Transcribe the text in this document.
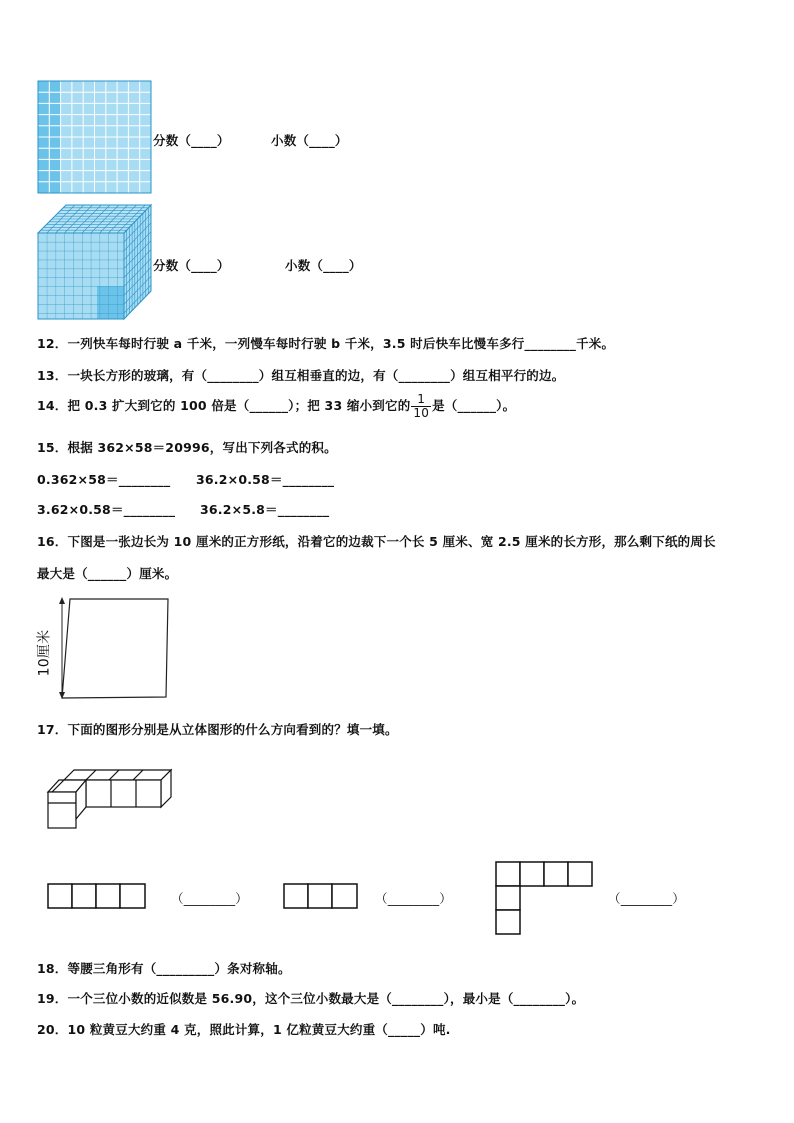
分数（____）	小数（____）
分数（____）	小数（____）
12．一列快车每时行驶 a 千米，一列慢车每时行驶 b 千米，3.5 时后快车比慢车多行________千米。
13．一块长方形的玻璃，有（________）组互相垂直的边，有（________）组互相平行的边。
14．把 0.3 扩大到它的 100 倍是（______）；把 33 缩小到它的 $\frac{1}{10}$ 是（______）。
15．根据 362×58＝20996，写出下列各式的积。
0.362×58＝________ 36.2×0.58＝________
3.62×0.58＝________ 36.2×5.8＝________
16．下图是一张边长为 10 厘米的正方形纸，沿着它的边裁下一个长 5 厘米、宽 2.5 厘米的长方形，那么剩下纸的周长
最大是（______）厘米。
10厘米
17．下面的图形分别是从立体图形的什么方向看到的？填一填。
（________）	（________）	（________）
18．等腰三角形有（_________）条对称轴。
19．一个三位小数的近似数是 56.90，这个三位小数最大是（________），最小是（________）。
20．10 粒黄豆大约重 4 克，照此计算，1 亿粒黄豆大约重（_____）吨.
